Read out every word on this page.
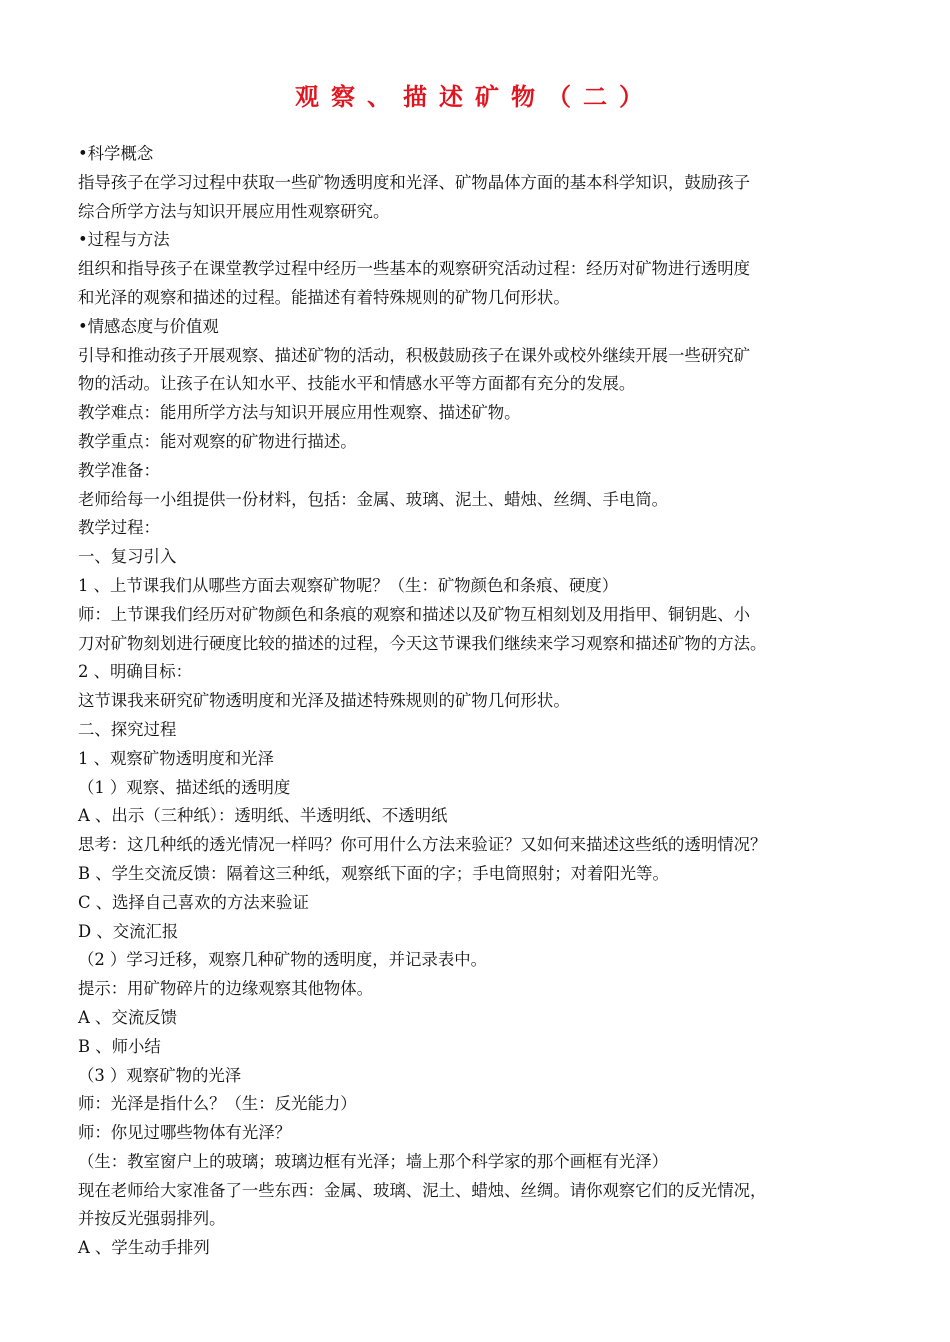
观察、描述矿物（二）
•科学概念
指导孩子在学习过程中获取一些矿物透明度和光泽、矿物晶体方面的基本科学知识，鼓励孩子
综合所学方法与知识开展应用性观察研究。
•过程与方法
组织和指导孩子在课堂教学过程中经历一些基本的观察研究活动过程：经历对矿物进行透明度
和光泽的观察和描述的过程。能描述有着特殊规则的矿物几何形状。
•情感态度与价值观
引导和推动孩子开展观察、描述矿物的活动，积极鼓励孩子在课外或校外继续开展一些研究矿
物的活动。让孩子在认知水平、技能水平和情感水平等方面都有充分的发展。
教学难点：能用所学方法与知识开展应用性观察、描述矿物。
教学重点：能对观察的矿物进行描述。
教学准备：
老师给每一小组提供一份材料，包括：金属、玻璃、泥土、蜡烛、丝绸、手电筒。
教学过程：
一、复习引入
1 、上节课我们从哪些方面去观察矿物呢？（生：矿物颜色和条痕、硬度）
师：上节课我们经历对矿物颜色和条痕的观察和描述以及矿物互相刻划及用指甲、铜钥匙、小
刀对矿物刻划进行硬度比较的描述的过程，今天这节课我们继续来学习观察和描述矿物的方法。
2 、明确目标：
这节课我来研究矿物透明度和光泽及描述特殊规则的矿物几何形状。
二、探究过程
1 、观察矿物透明度和光泽
（1 ）观察、描述纸的透明度
A 、出示（三种纸）：透明纸、半透明纸、不透明纸
思考：这几种纸的透光情况一样吗？你可用什么方法来验证？又如何来描述这些纸的透明情况？
B 、学生交流反馈：隔着这三种纸，观察纸下面的字；手电筒照射；对着阳光等。
C 、选择自己喜欢的方法来验证
D 、交流汇报
（2 ）学习迁移，观察几种矿物的透明度，并记录表中。
提示：用矿物碎片的边缘观察其他物体。
A 、交流反馈
B 、师小结
（3 ）观察矿物的光泽
师：光泽是指什么？（生：反光能力）
师：你见过哪些物体有光泽？
（生：教室窗户上的玻璃；玻璃边框有光泽；墙上那个科学家的那个画框有光泽）
现在老师给大家准备了一些东西：金属、玻璃、泥土、蜡烛、丝绸。请你观察它们的反光情况，
并按反光强弱排列。
A 、学生动手排列
